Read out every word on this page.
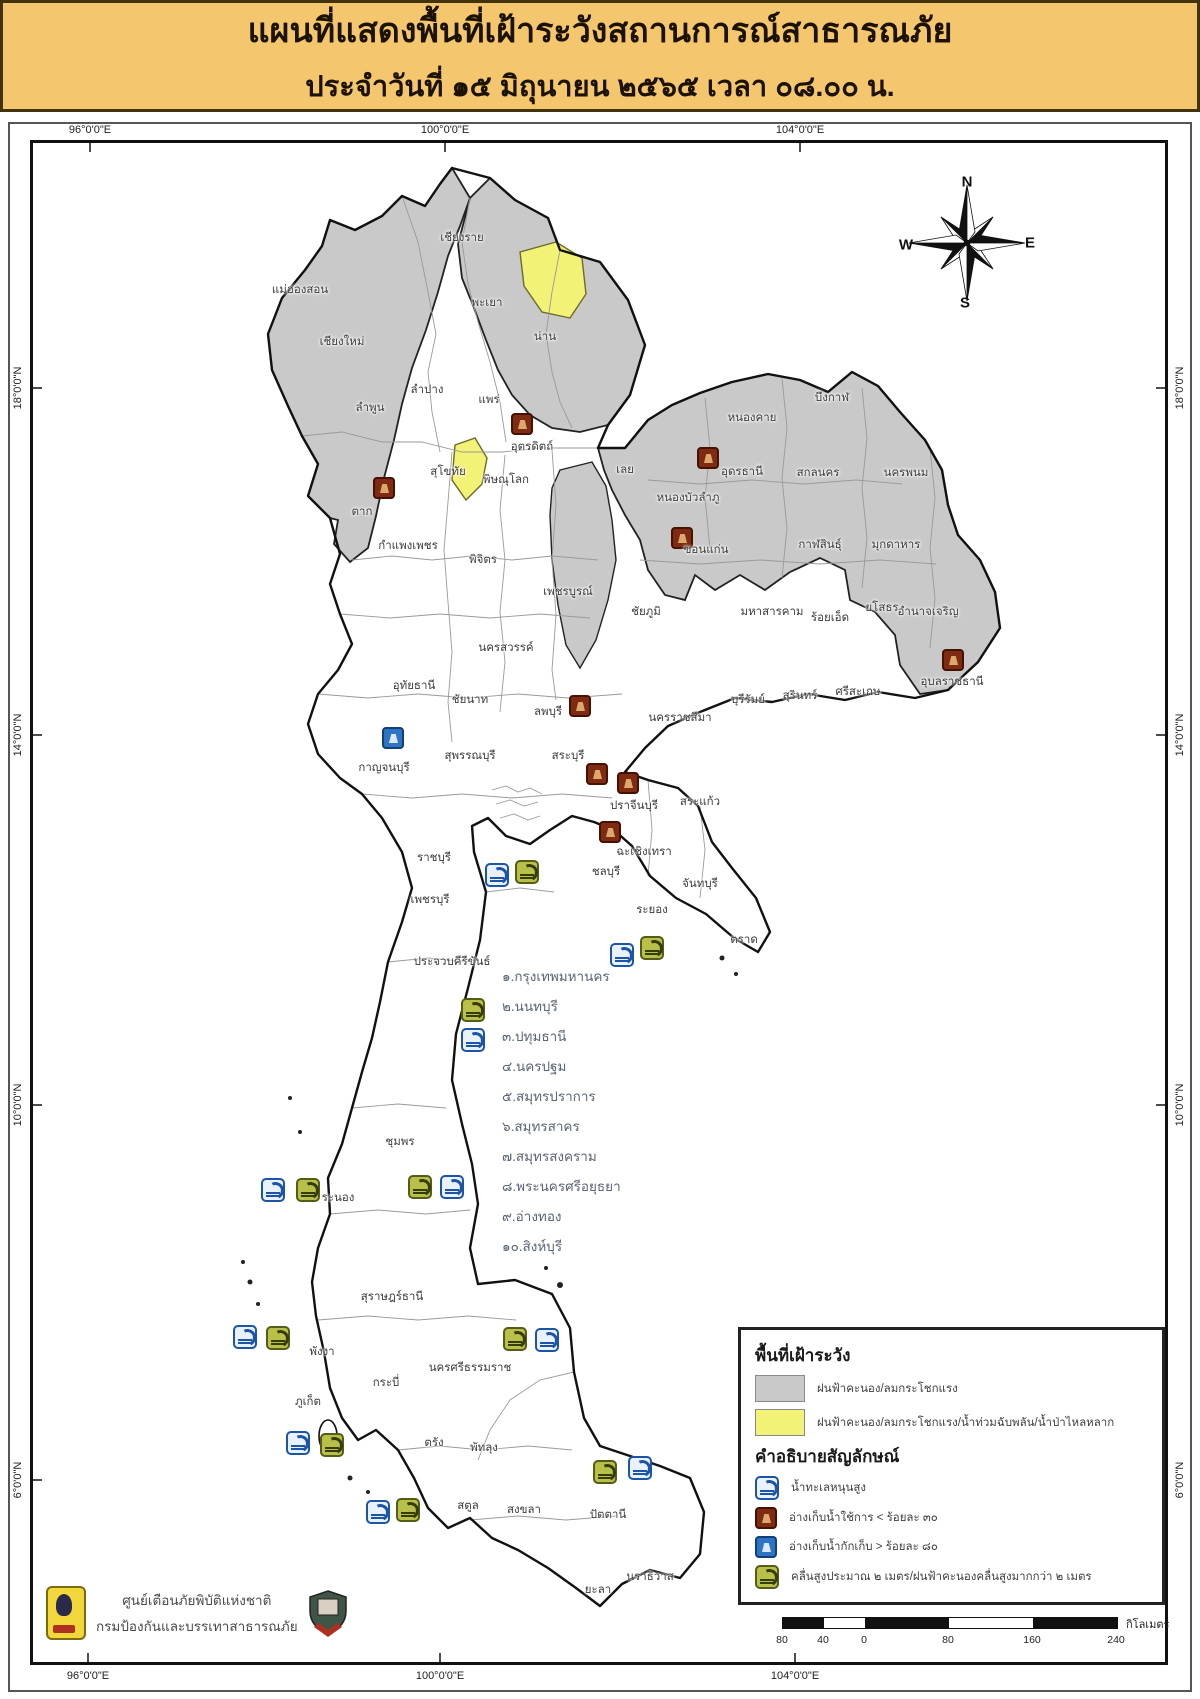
แผนที่แสดงพื้นที่เฝ้าระวังสถานการณ์สาธารณภัย
ประจำวันที่ ๑๕ มิถุนายน ๒๕๖๕ เวลา ๐๘.๐๐ น.
N
W	E
S
96°0'0"E	100°0'0"E	104°0'0"E
96°0'0"E	100°0'0"E	104°0'0"E
18°0'0"N
14°0'0"N
10°0'0"N
6°0'0"N
18°0'0"N
14°0'0"N
10°0'0"N
6°0'0"N
เชียงราย
แม่ฮ่องสอน
พะเยา
เชียงใหม่	น่าน
ลำปาง
แพร่
ลำพูน
อุตรดิตถ์
สุโขทัย
พิษณุโลก
ตาก
กำแพงเพชร
พิจิตร
เพชรบูรณ์
เลย
หนองคาย
บึงกาฬ
อุดรธานี	สกลนคร	นครพนม
หนองบัวลำภู
ขอนแก่น	กาฬสินธุ์	มุกดาหาร
ชัยภูมิ	มหาสารคาม ร้อยเอ็ด
ยโสธร
อำนาจเจริญ
อุบลราชธานี
นครสวรรค์
อุทัยธานี
ชัยนาท
ลพบุรี	นครราชสีมา
บุรีรัมย์ สุรินทร์ ศรีสะเกษ
สุพรรณบุรี	สระบุรี
กาญจนบุรี
ราชบุรี
ปราจีนบุรี สระแก้ว
ฉะเชิงเทรา
ชลบุรี
ระยอง
จันทบุรี
ตราด
เพชรบุรี
ประจวบคีรีขันธ์
ชุมพร
ระนอง
สุราษฎร์ธานี
พังงา
กระบี่
นครศรีธรรมราช
ภูเก็ต
ตรัง พัทลุง
สตูล สงขลา	ปัตตานี
ยะลา
นราธิวาส
๑.กรุงเทพมหานคร
๒.นนทบุรี
๓.ปทุมธานี
๔.นครปฐม
๕.สมุทรปราการ
๖.สมุทรสาคร
๗.สมุทรสงคราม
๘.พระนครศรีอยุธยา
๙.อ่างทอง
๑๐.สิงห์บุรี
พื้นที่เฝ้าระวัง
ฝนฟ้าคะนอง/ลมกระโชกแรง
ฝนฟ้าคะนอง/ลมกระโชกแรง/น้ำท่วมฉับพลัน/น้ำป่าไหลหลาก
คำอธิบายสัญลักษณ์
น้ำทะเลหนุนสูง
อ่างเก็บน้ำใช้การ < ร้อยละ ๓๐
อ่างเก็บน้ำกักเก็บ > ร้อยละ ๘๐
คลื่นสูงประมาณ ๒ เมตร/ฝนฟ้าคะนองคลื่นสูงมากกว่า ๒ เมตร
80	40	0	80	160	240
กิโลเมตร
ศูนย์เตือนภัยพิบัติแห่งชาติ
กรมป้องกันและบรรเทาสาธารณภัย
